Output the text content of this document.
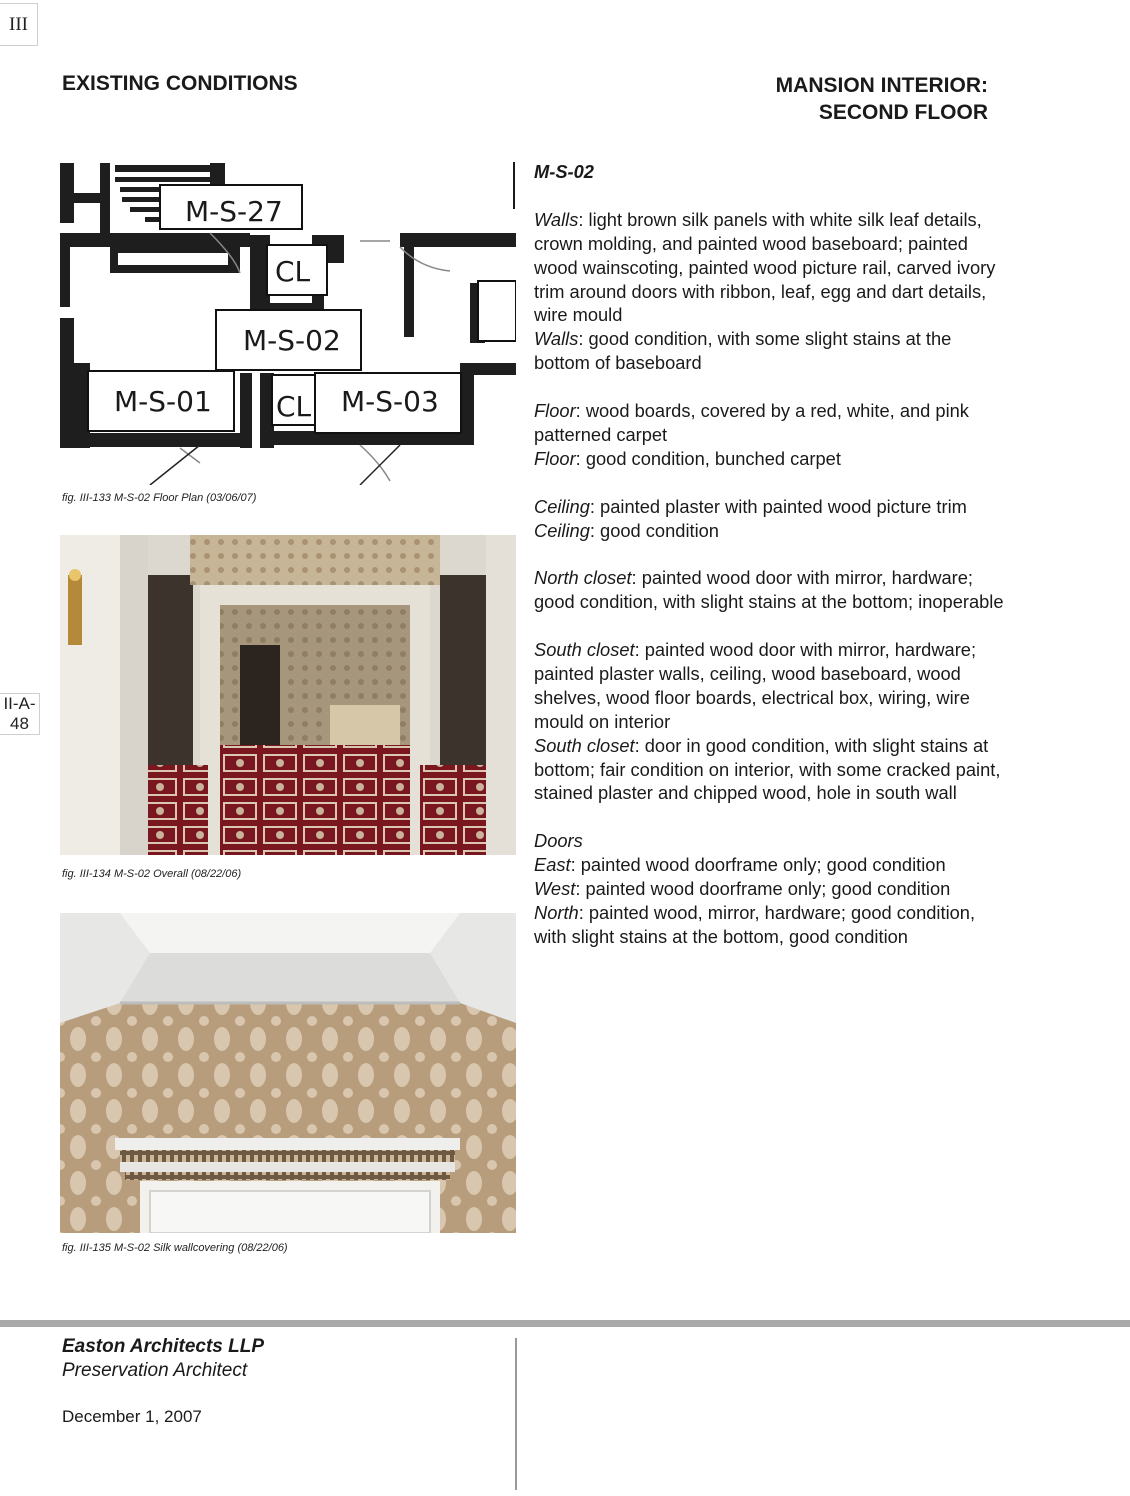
III
II-A-
48
EXISTING CONDITIONS	MANSION INTERIOR:
SECOND FLOOR
M-S-27
CL
M-S-02
M-S-01 CL M-S-03
fig. III-133 M-S-02 Floor Plan (03/06/07)
fig. III-134 M-S-02 Overall (08/22/06)
fig. III-135 M-S-02 Silk wallcovering (08/22/06)
M-S-02

Walls: light brown silk panels with white silk leaf details, crown molding, and painted wood baseboard; painted wood wainscoting, painted wood picture rail, carved ivory trim around doors with ribbon, leaf, egg and dart details, wire mould
Walls: good condition, with some slight stains at the bottom of baseboard

Floor: wood boards, covered by a red, white, and pink patterned carpet
Floor: good condition, bunched carpet

Ceiling: painted plaster with painted wood picture trim
Ceiling: good condition

North closet: painted wood door with mirror, hardware; good condition, with slight stains at the bottom; inoperable

South closet: painted wood door with mirror, hardware; painted plaster walls, ceiling, wood baseboard, wood shelves, wood floor boards, electrical box, wiring, wire mould on interior
South closet: door in good condition, with slight stains at bottom; fair condition on interior, with some cracked paint, stained plaster and chipped wood, hole in south wall

Doors
East: painted wood doorframe only; good condition
West: painted wood doorframe only; good condition
North: painted wood, mirror, hardware; good condition, with slight stains at the bottom, good condition

Easton Architects LLP
Preservation Architect
December 1, 2007
